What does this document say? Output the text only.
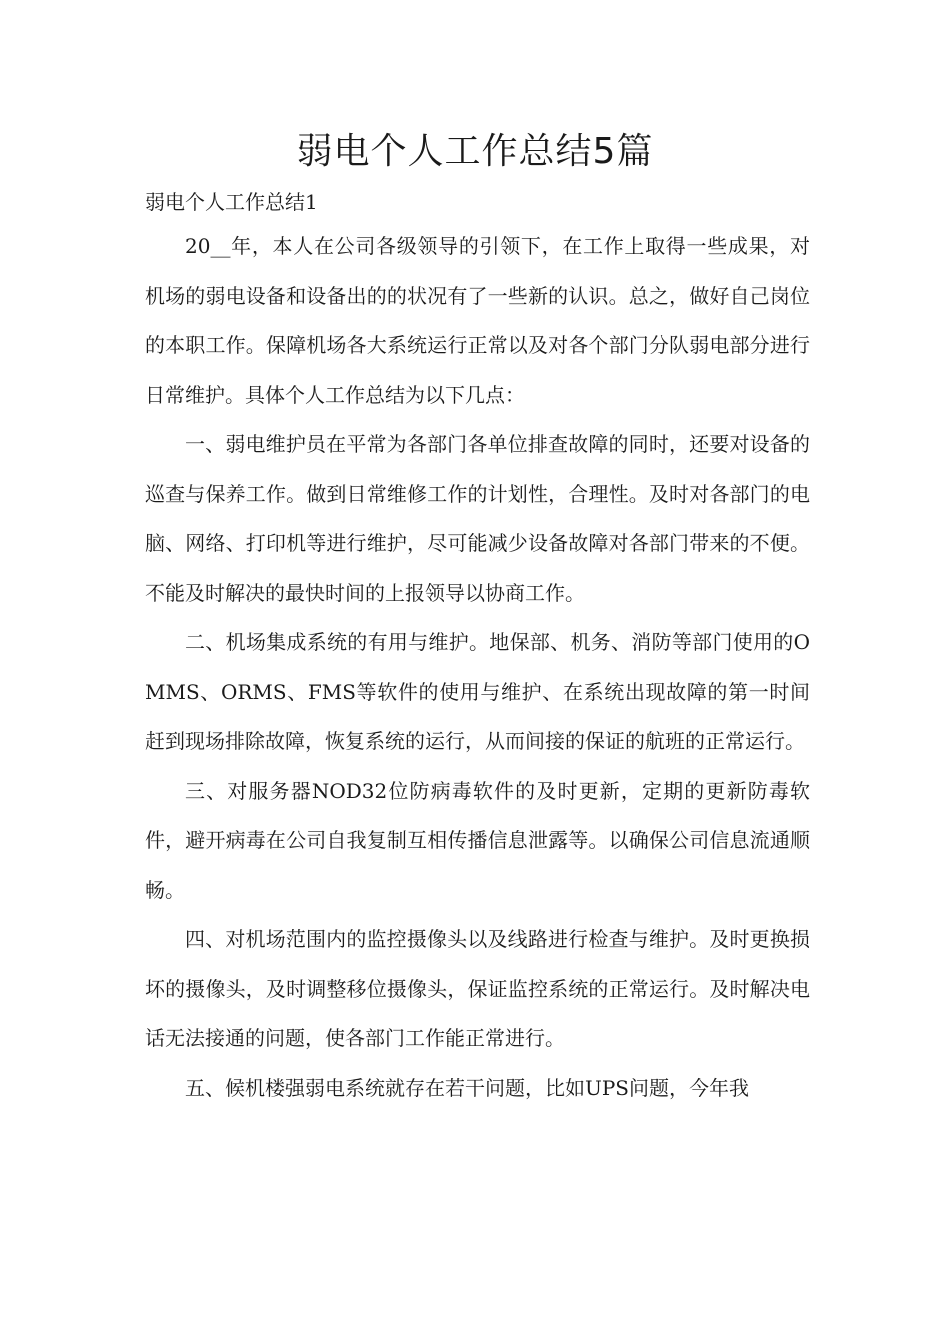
弱电个人工作总结5篇

弱电个人工作总结1

20__年，本人在公司各级领导的引领下，在工作上取得一些成果，对机场的弱电设备和设备出的的状况有了一些新的认识。总之，做好自己岗位的本职工作。保障机场各大系统运行正常以及对各个部门分队弱电部分进行日常维护。具体个人工作总结为以下几点：

一、弱电维护员在平常为各部门各单位排查故障的同时，还要对设备的巡查与保养工作。做到日常维修工作的计划性，合理性。及时对各部门的电脑、网络、打印机等进行维护，尽可能减少设备故障对各部门带来的不便。不能及时解决的最快时间的上报领导以协商工作。

二、机场集成系统的有用与维护。地保部、机务、消防等部门使用的OMMS、ORMS、FMS等软件的使用与维护、在系统出现故障的第一时间赶到现场排除故障，恢复系统的运行，从而间接的保证的航班的正常运行。

三、对服务器NOD32位防病毒软件的及时更新，定期的更新防毒软件，避开病毒在公司自我复制互相传播信息泄露等。以确保公司信息流通顺畅。

四、对机场范围内的监控摄像头以及线路进行检查与维护。及时更换损坏的摄像头，及时调整移位摄像头，保证监控系统的正常运行。及时解决电话无法接通的问题，使各部门工作能正常进行。

五、候机楼强弱电系统就存在若干问题，比如UPS问题，今年我
